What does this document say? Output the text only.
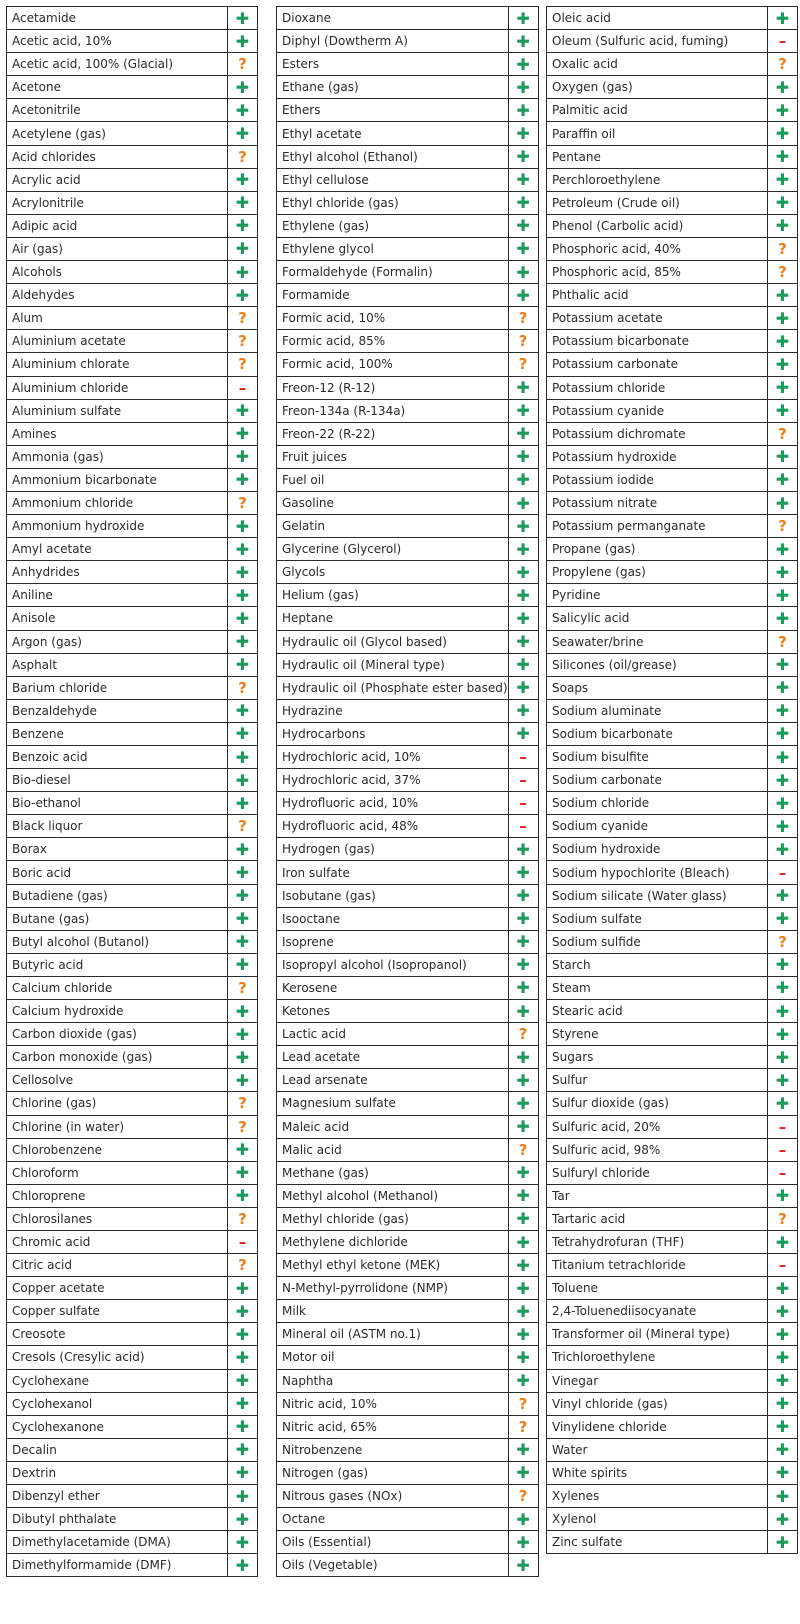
Acetamide	✚
Acetic acid, 10%	✚
Acetic acid, 100% (Glacial)	?
Acetone	✚
Acetonitrile	✚
Acetylene (gas)	✚
Acid chlorides	?
Acrylic acid	✚
Acrylonitrile	✚
Adipic acid	✚
Air (gas)	✚
Alcohols	✚
Aldehydes	✚
Alum	?
Aluminium acetate	?
Aluminium chlorate	?
Aluminium chloride	–
Aluminium sulfate	✚
Amines	✚
Ammonia (gas)	✚
Ammonium bicarbonate	✚
Ammonium chloride	?
Ammonium hydroxide	✚
Amyl acetate	✚
Anhydrides	✚
Aniline	✚
Anisole	✚
Argon (gas)	✚
Asphalt	✚
Barium chloride	?
Benzaldehyde	✚
Benzene	✚
Benzoic acid	✚
Bio-diesel	✚
Bio-ethanol	✚
Black liquor	?
Borax	✚
Boric acid	✚
Butadiene (gas)	✚
Butane (gas)	✚
Butyl alcohol (Butanol)	✚
Butyric acid	✚
Calcium chloride	?
Calcium hydroxide	✚
Carbon dioxide (gas)	✚
Carbon monoxide (gas)	✚
Cellosolve	✚
Chlorine (gas)	?
Chlorine (in water)	?
Chlorobenzene	✚
Chloroform	✚
Chloroprene	✚
Chlorosilanes	?
Chromic acid	–
Citric acid	?
Copper acetate	✚
Copper sulfate	✚
Creosote	✚
Cresols (Cresylic acid)	✚
Cyclohexane	✚
Cyclohexanol	✚
Cyclohexanone	✚
Decalin	✚
Dextrin	✚
Dibenzyl ether	✚
Dibutyl phthalate	✚
Dimethylacetamide (DMA)	✚
Dimethylformamide (DMF)	✚
Dioxane	✚
Diphyl (Dowtherm A)	✚
Esters	✚
Ethane (gas)	✚
Ethers	✚
Ethyl acetate	✚
Ethyl alcohol (Ethanol)	✚
Ethyl cellulose	✚
Ethyl chloride (gas)	✚
Ethylene (gas)	✚
Ethylene glycol	✚
Formaldehyde (Formalin)	✚
Formamide	✚
Formic acid, 10%	?
Formic acid, 85%	?
Formic acid, 100%	?
Freon-12 (R-12)	✚
Freon-134a (R-134a)	✚
Freon-22 (R-22)	✚
Fruit juices	✚
Fuel oil	✚
Gasoline	✚
Gelatin	✚
Glycerine (Glycerol)	✚
Glycols	✚
Helium (gas)	✚
Heptane	✚
Hydraulic oil (Glycol based)	✚
Hydraulic oil (Mineral type)	✚
Hydraulic oil (Phosphate ester based)	✚
Hydrazine	✚
Hydrocarbons	✚
Hydrochloric acid, 10%	–
Hydrochloric acid, 37%	–
Hydrofluoric acid, 10%	–
Hydrofluoric acid, 48%	–
Hydrogen (gas)	✚
Iron sulfate	✚
Isobutane (gas)	✚
Isooctane	✚
Isoprene	✚
Isopropyl alcohol (Isopropanol)	✚
Kerosene	✚
Ketones	✚
Lactic acid	?
Lead acetate	✚
Lead arsenate	✚
Magnesium sulfate	✚
Maleic acid	✚
Malic acid	?
Methane (gas)	✚
Methyl alcohol (Methanol)	✚
Methyl chloride (gas)	✚
Methylene dichloride	✚
Methyl ethyl ketone (MEK)	✚
N-Methyl-pyrrolidone (NMP)	✚
Milk	✚
Mineral oil (ASTM no.1)	✚
Motor oil	✚
Naphtha	✚
Nitric acid, 10%	?
Nitric acid, 65%	?
Nitrobenzene	✚
Nitrogen (gas)	✚
Nitrous gases (NOx)	?
Octane	✚
Oils (Essential)	✚
Oils (Vegetable)	✚
Oleic acid	✚
Oleum (Sulfuric acid, fuming)	–
Oxalic acid	?
Oxygen (gas)	✚
Palmitic acid	✚
Paraffin oil	✚
Pentane	✚
Perchloroethylene	✚
Petroleum (Crude oil)	✚
Phenol (Carbolic acid)	✚
Phosphoric acid, 40%	?
Phosphoric acid, 85%	?
Phthalic acid	✚
Potassium acetate	✚
Potassium bicarbonate	✚
Potassium carbonate	✚
Potassium chloride	✚
Potassium cyanide	✚
Potassium dichromate	?
Potassium hydroxide	✚
Potassium iodide	✚
Potassium nitrate	✚
Potassium permanganate	?
Propane (gas)	✚
Propylene (gas)	✚
Pyridine	✚
Salicylic acid	✚
Seawater/brine	?
Silicones (oil/grease)	✚
Soaps	✚
Sodium aluminate	✚
Sodium bicarbonate	✚
Sodium bisulfite	✚
Sodium carbonate	✚
Sodium chloride	✚
Sodium cyanide	✚
Sodium hydroxide	✚
Sodium hypochlorite (Bleach)	–
Sodium silicate (Water glass)	✚
Sodium sulfate	✚
Sodium sulfide	?
Starch	✚
Steam	✚
Stearic acid	✚
Styrene	✚
Sugars	✚
Sulfur	✚
Sulfur dioxide (gas)	✚
Sulfuric acid, 20%	–
Sulfuric acid, 98%	–
Sulfuryl chloride	–
Tar	✚
Tartaric acid	?
Tetrahydrofuran (THF)	✚
Titanium tetrachloride	–
Toluene	✚
2,4-Toluenediisocyanate	✚
Transformer oil (Mineral type)	✚
Trichloroethylene	✚
Vinegar	✚
Vinyl chloride (gas)	✚
Vinylidene chloride	✚
Water	✚
White spirits	✚
Xylenes	✚
Xylenol	✚
Zinc sulfate	✚
